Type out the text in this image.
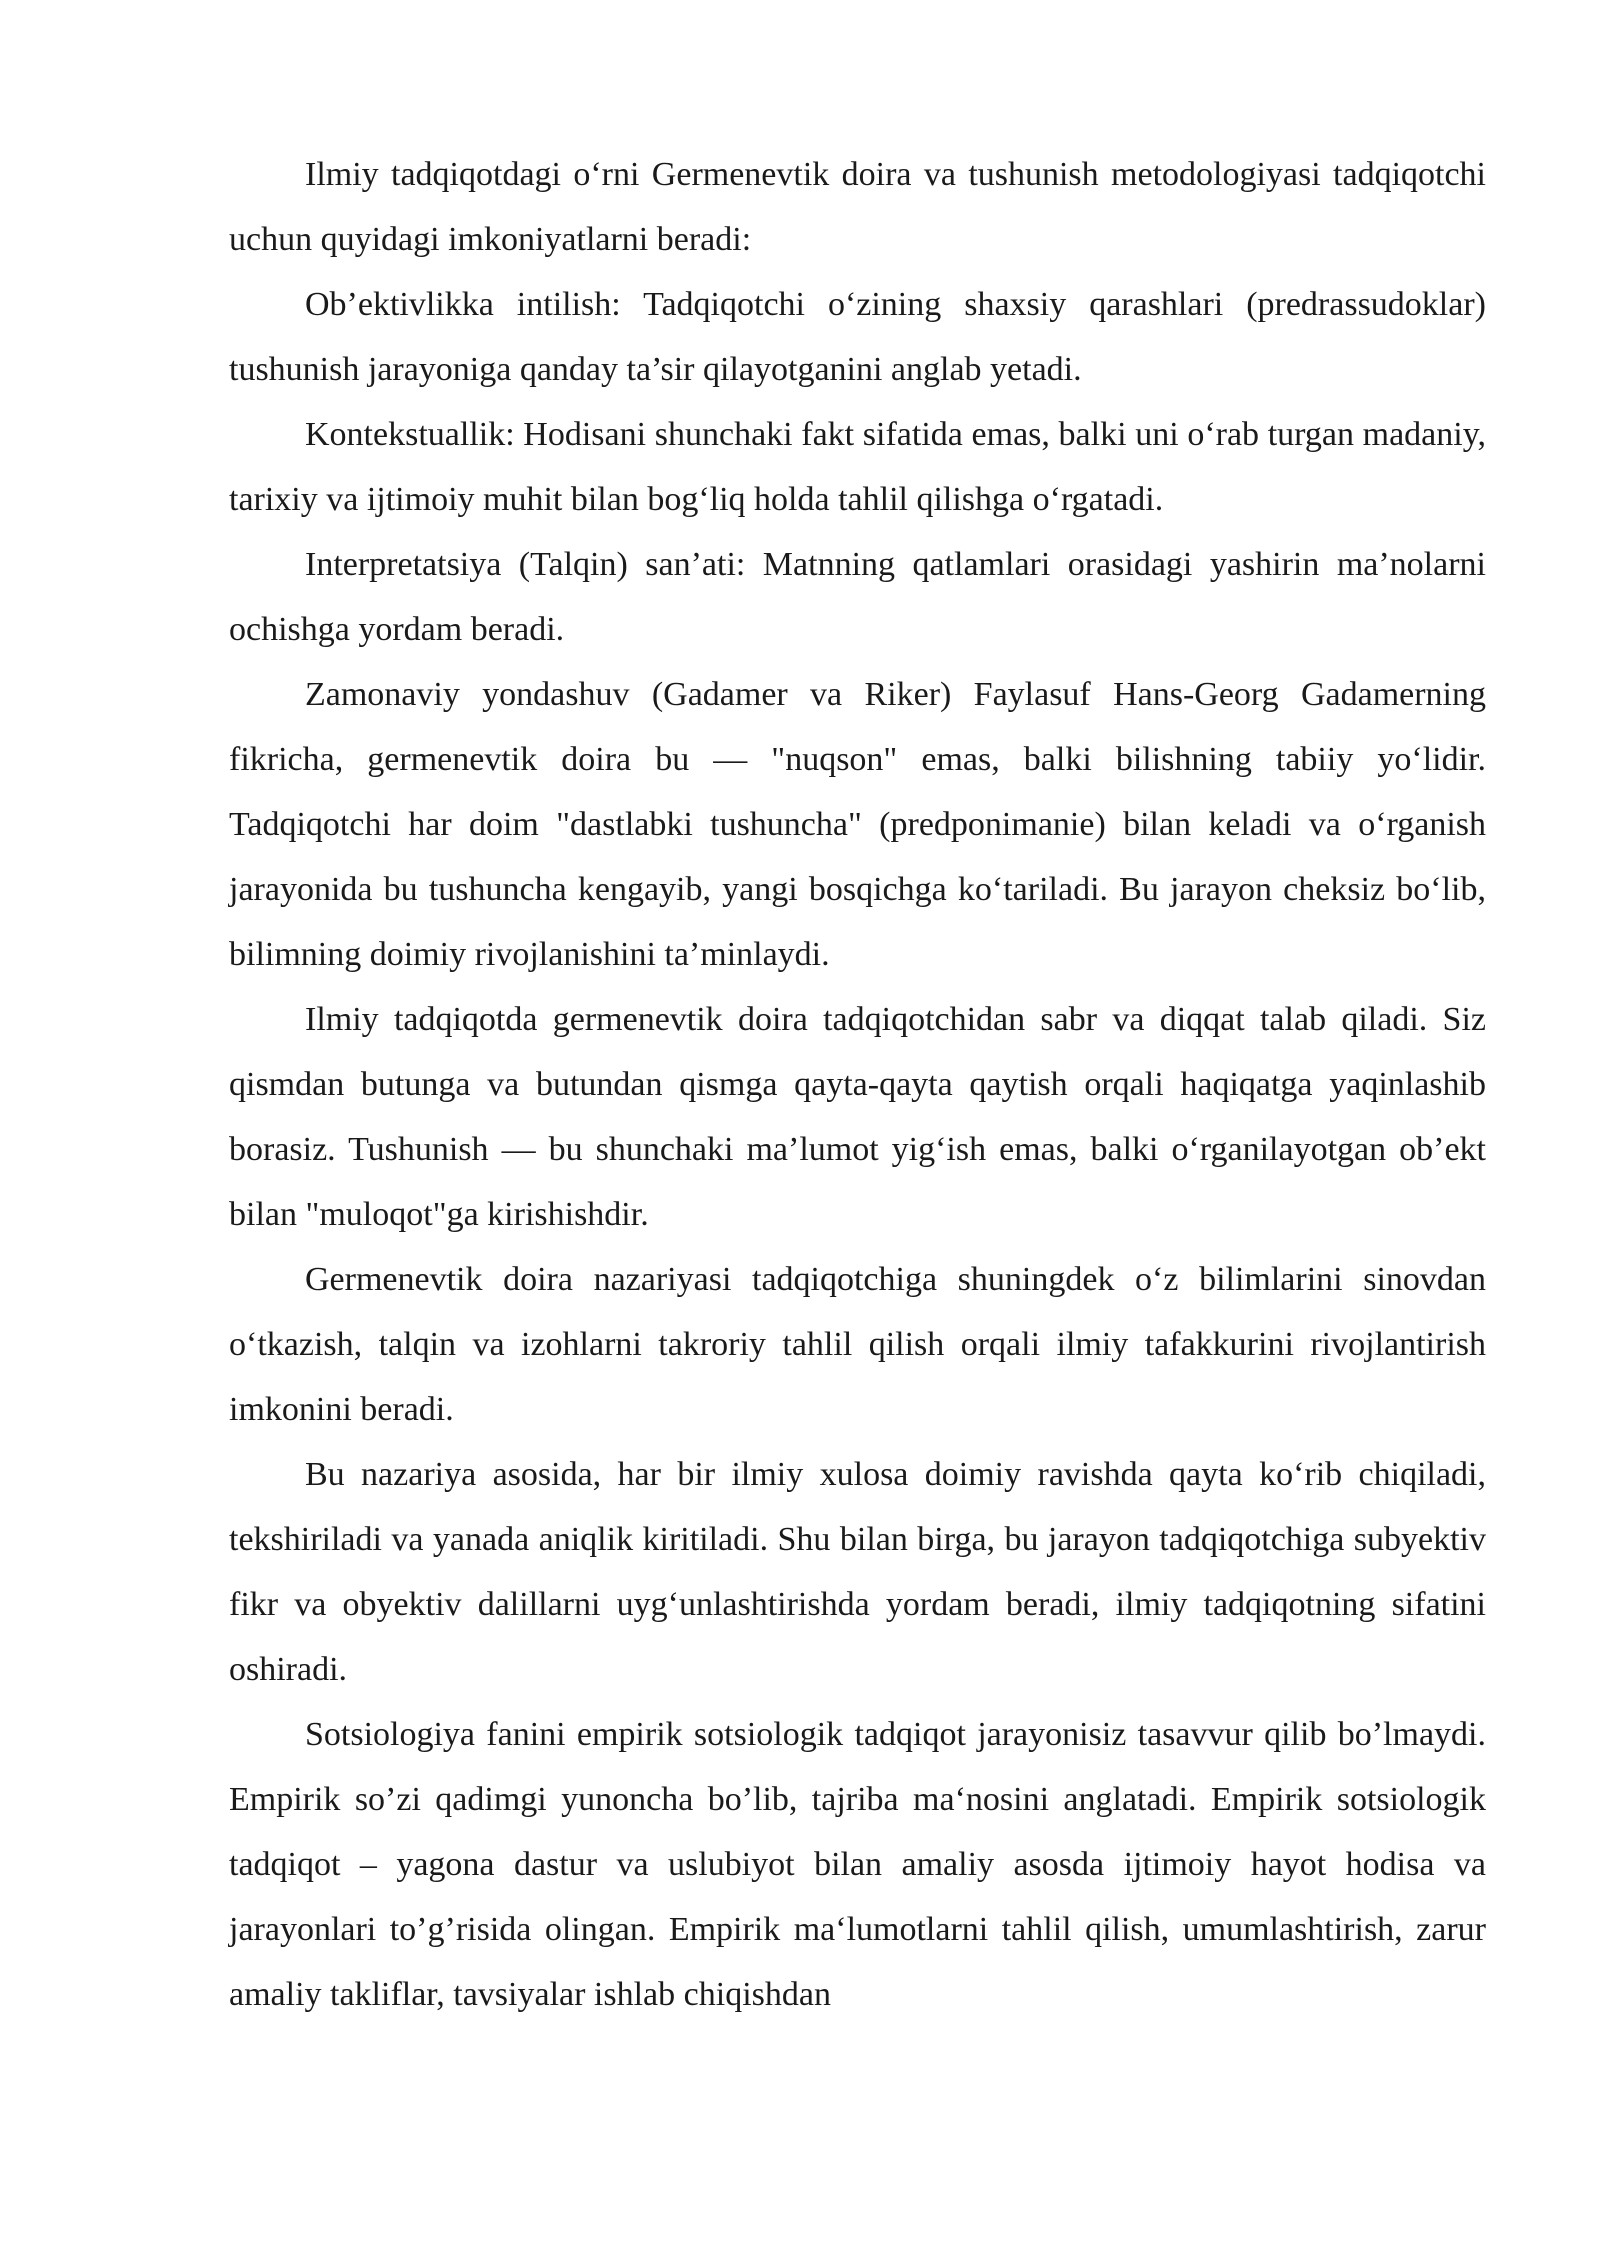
Ilmiy tadqiqotdagi o‘rni Germenevtik doira va tushunish metodologiyasi tadqiqotchi uchun quyidagi imkoniyatlarni beradi:

Ob’ektivlikka intilish: Tadqiqotchi o‘zining shaxsiy qarashlari (predrassudoklar) tushunish jarayoniga qanday ta’sir qilayotganini anglab yetadi.

Kontekstuallik: Hodisani shunchaki fakt sifatida emas, balki uni o‘rab turgan madaniy, tarixiy va ijtimoiy muhit bilan bog‘liq holda tahlil qilishga o‘rgatadi.

Interpretatsiya (Talqin) san’ati: Matnning qatlamlari orasidagi yashirin ma’nolarni ochishga yordam beradi.

Zamonaviy yondashuv (Gadamer va Riker) Faylasuf Hans-Georg Gadamerning fikricha, germenevtik doira bu — "nuqson" emas, balki bilishning tabiiy yo‘lidir. Tadqiqotchi har doim "dastlabki tushuncha" (predponimanie) bilan keladi va o‘rganish jarayonida bu tushuncha kengayib, yangi bosqichga ko‘tariladi. Bu jarayon cheksiz bo‘lib, bilimning doimiy rivojlanishini ta’minlaydi.

Ilmiy tadqiqotda germenevtik doira tadqiqotchidan sabr va diqqat talab qiladi. Siz qismdan butunga va butundan qismga qayta-qayta qaytish orqali haqiqatga yaqinlashib borasiz. Tushunish — bu shunchaki ma’lumot yig‘ish emas, balki o‘rganilayotgan ob’ekt bilan "muloqot"ga kirishishdir.

Germenevtik doira nazariyasi tadqiqotchiga shuningdek o‘z bilimlarini sinovdan o‘tkazish, talqin va izohlarni takroriy tahlil qilish orqali ilmiy tafakkurini rivojlantirish imkonini beradi.

Bu nazariya asosida, har bir ilmiy xulosa doimiy ravishda qayta ko‘rib chiqiladi, tekshiriladi va yanada aniqlik kiritiladi. Shu bilan birga, bu jarayon tadqiqotchiga subyektiv fikr va obyektiv dalillarni uyg‘unlashtirishda yordam beradi, ilmiy tadqiqotning sifatini oshiradi.

Sotsiologiya fanini empirik sotsiologik tadqiqot jarayonisiz tasavvur qilib bo’lmaydi. Empirik so’zi qadimgi yunoncha bo’lib, tajriba ma‘nosini anglatadi. Empirik sotsiologik tadqiqot – yagona dastur va uslubiyot bilan amaliy asosda ijtimoiy hayot hodisa va jarayonlari to’g’risida olingan. Empirik ma‘lumotlarni tahlil qilish, umumlashtirish, zarur amaliy takliflar, tavsiyalar ishlab chiqishdan
